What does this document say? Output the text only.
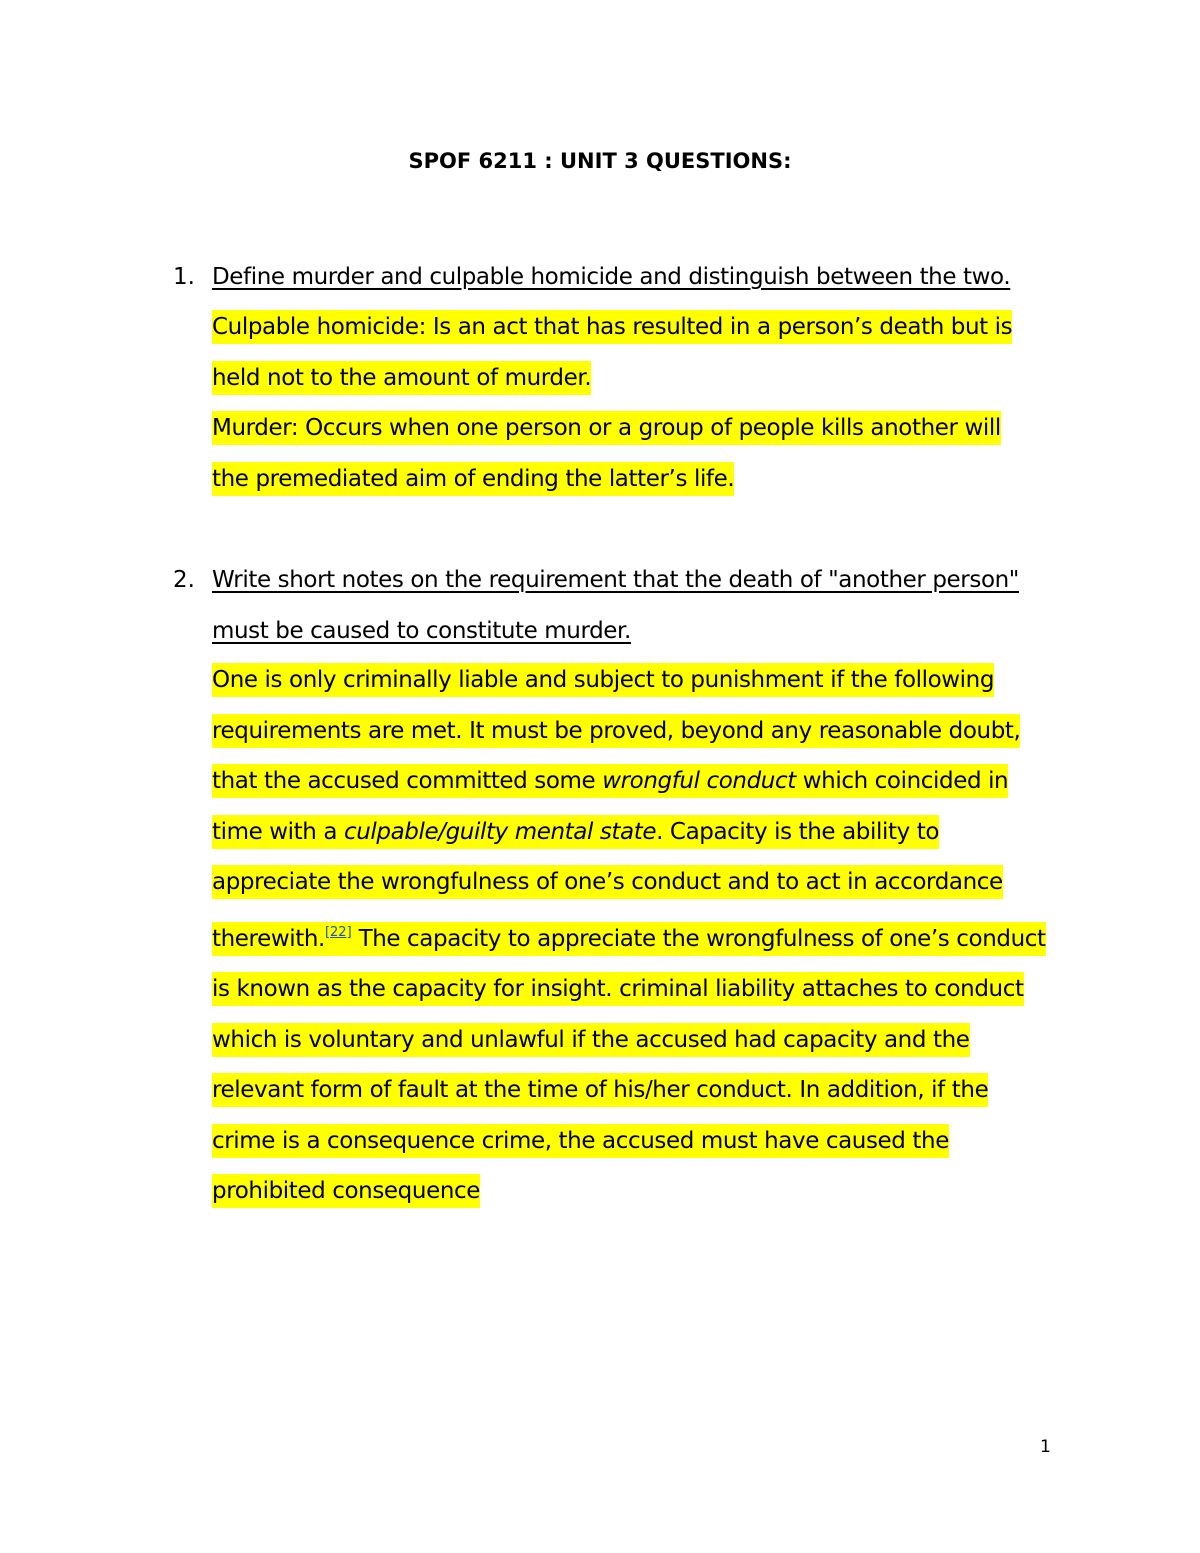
SPOF 6211 : UNIT 3 QUESTIONS:
1. Define murder and culpable homicide and distinguish between the two.
Culpable homicide: Is an act that has resulted in a person’s death but is
held not to the amount of murder.
Murder: Occurs when one person or a group of people kills another will
the premediated aim of ending the latter’s life.
2. Write short notes on the requirement that the death of "another person"
must be caused to constitute murder.
One is only criminally liable and subject to punishment if the following
requirements are met. It must be proved, beyond any reasonable doubt,
that the accused committed some wrongful conduct which coincided in
time with a culpable/guilty mental state. Capacity is the ability to
appreciate the wrongfulness of one’s conduct and to act in accordance
therewith.[22] The capacity to appreciate the wrongfulness of one’s conduct
is known as the capacity for insight. criminal liability attaches to conduct
which is voluntary and unlawful if the accused had capacity and the
relevant form of fault at the time of his/her conduct. In addition, if the
crime is a consequence crime, the accused must have caused the
prohibited consequence
1
